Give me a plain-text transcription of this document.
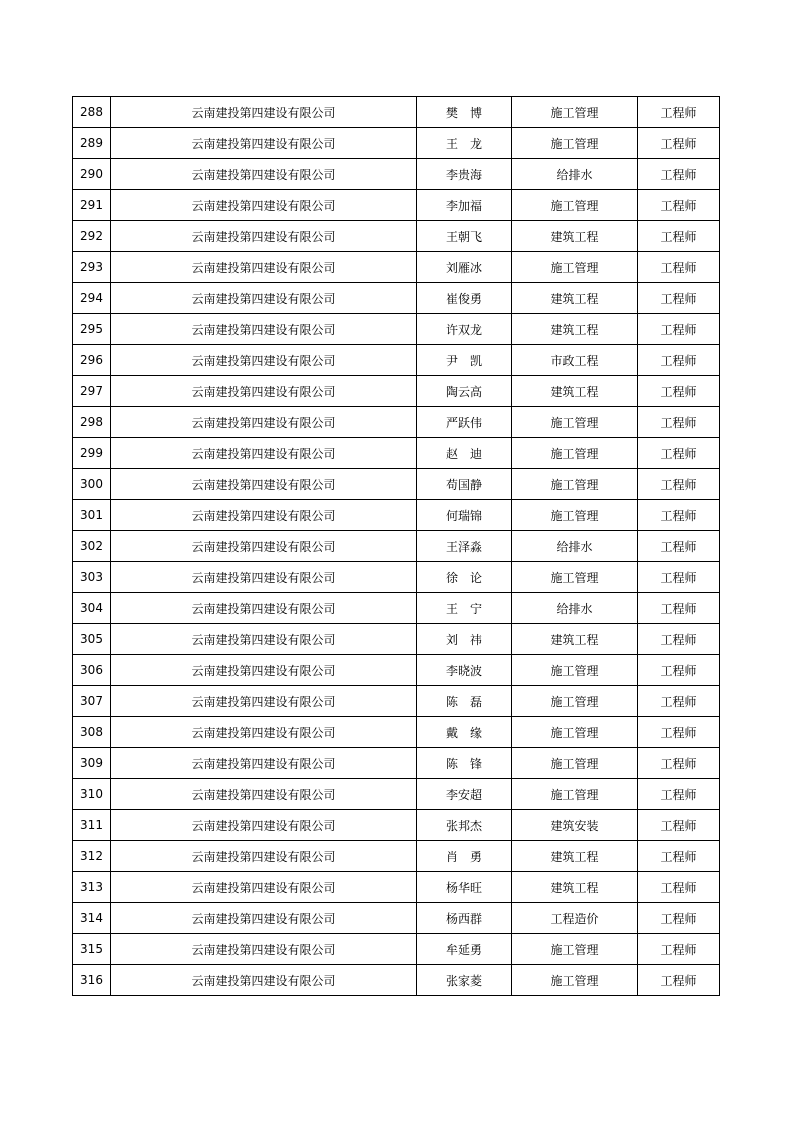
288	云南建投第四建设有限公司	樊　博	施工管理	工程师
289	云南建投第四建设有限公司	王　龙	施工管理	工程师
290	云南建投第四建设有限公司	李贵海	给排水	工程师
291	云南建投第四建设有限公司	李加福	施工管理	工程师
292	云南建投第四建设有限公司	王朝飞	建筑工程	工程师
293	云南建投第四建设有限公司	刘雁冰	施工管理	工程师
294	云南建投第四建设有限公司	崔俊勇	建筑工程	工程师
295	云南建投第四建设有限公司	许双龙	建筑工程	工程师
296	云南建投第四建设有限公司	尹　凯	市政工程	工程师
297	云南建投第四建设有限公司	陶云高	建筑工程	工程师
298	云南建投第四建设有限公司	严跃伟	施工管理	工程师
299	云南建投第四建设有限公司	赵　迪	施工管理	工程师
300	云南建投第四建设有限公司	苟国静	施工管理	工程师
301	云南建投第四建设有限公司	何瑞锦	施工管理	工程师
302	云南建投第四建设有限公司	王泽淼	给排水	工程师
303	云南建投第四建设有限公司	徐　论	施工管理	工程师
304	云南建投第四建设有限公司	王　宁	给排水	工程师
305	云南建投第四建设有限公司	刘　祎	建筑工程	工程师
306	云南建投第四建设有限公司	李晓波	施工管理	工程师
307	云南建投第四建设有限公司	陈　磊	施工管理	工程师
308	云南建投第四建设有限公司	戴　缘	施工管理	工程师
309	云南建投第四建设有限公司	陈　锋	施工管理	工程师
310	云南建投第四建设有限公司	李安超	施工管理	工程师
311	云南建投第四建设有限公司	张邦杰	建筑安装	工程师
312	云南建投第四建设有限公司	肖　勇	建筑工程	工程师
313	云南建投第四建设有限公司	杨华旺	建筑工程	工程师
314	云南建投第四建设有限公司	杨西群	工程造价	工程师
315	云南建投第四建设有限公司	牟延勇	施工管理	工程师
316	云南建投第四建设有限公司	张家菱	施工管理	工程师
